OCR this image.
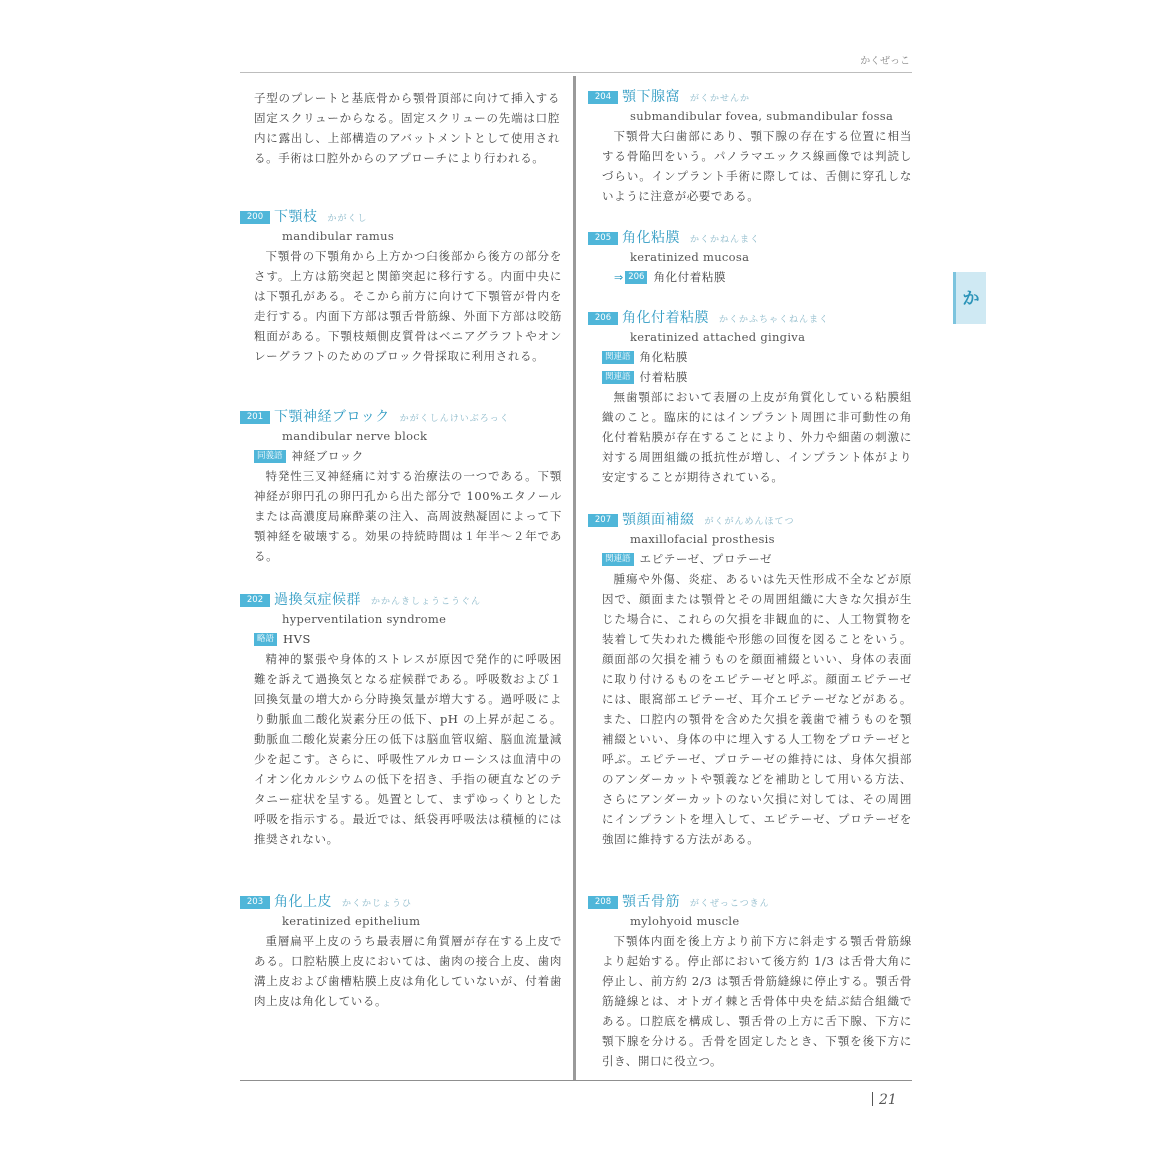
かくぜっこ
か
21

子型のプレートと基底骨から顎骨頂部に向けて挿入する固定スクリューからなる。固定スクリューの先端は口腔内に露出し、上部構造のアバットメントとして使用される。手術は口腔外からのアプローチにより行われる。

200 下顎枝 かがくし
mandibular ramus

下顎骨の下顎角から上方かつ臼後部から後方の部分をさす。上方は筋突起と関節突起に移行する。内面中央には下顎孔がある。そこから前方に向けて下顎管が骨内を走行する。内面下方部は顎舌骨筋線、外面下方部は咬筋粗面がある。下顎枝頬側皮質骨はベニアグラフトやオンレーグラフトのためのブロック骨採取に利用される。

201 下顎神経ブロック かがくしんけいぶろっく
mandibular nerve block
同義語 神経ブロック

特発性三叉神経痛に対する治療法の一つである。下顎神経が卵円孔の卵円孔から出た部分で 100%エタノールまたは高濃度局麻酔薬の注入、高周波熱凝固によって下顎神経を破壊する。効果の持続時間は１年半～２年である。

202 過換気症候群 かかんきしょうこうぐん
hyperventilation syndrome
略語 HVS

精神的緊張や身体的ストレスが原因で発作的に呼吸困難を訴えて過換気となる症候群である。呼吸数および１回換気量の増大から分時換気量が増大する。過呼吸により動脈血二酸化炭素分圧の低下、pH の上昇が起こる。動脈血二酸化炭素分圧の低下は脳血管収縮、脳血流量減少を起こす。さらに、呼吸性アルカローシスは血清中のイオン化カルシウムの低下を招き、手指の硬直などのテタニー症状を呈する。処置として、まずゆっくりとした呼吸を指示する。最近では、紙袋再呼吸法は積極的には推奨されない。

203 角化上皮 かくかじょうひ
keratinized epithelium

重層扁平上皮のうち最表層に角質層が存在する上皮である。口腔粘膜上皮においては、歯肉の接合上皮、歯肉溝上皮および歯槽粘膜上皮は角化していないが、付着歯肉上皮は角化している。

204 顎下腺窩 がくかせんか
submandibular fovea, submandibular fossa

下顎骨大臼歯部にあり、顎下腺の存在する位置に相当する骨陥凹をいう。パノラマエックス線画像では判読しづらい。インプラント手術に際しては、舌側に穿孔しないように注意が必要である。

205 角化粘膜 かくかねんまく
keratinized mucosa
⇒ 206 角化付着粘膜
206 角化付着粘膜 かくかふちゃくねんまく
keratinized attached gingiva
関連語 角化粘膜
関連語 付着粘膜

無歯顎部において表層の上皮が角質化している粘膜組織のこと。臨床的にはインプラント周囲に非可動性の角化付着粘膜が存在することにより、外力や細菌の刺激に対する周囲組織の抵抗性が増し、インプラント体がより安定することが期待されている。

207 顎顔面補綴 がくがんめんほてつ
maxillofacial prosthesis
関連語 エピテーゼ、プロテーゼ

腫瘍や外傷、炎症、あるいは先天性形成不全などが原因で、顔面または顎骨とその周囲組織に大きな欠損が生じた場合に、これらの欠損を非観血的に、人工物質物を装着して失われた機能や形態の回復を図ることをいう。顔面部の欠損を補うものを顔面補綴といい、身体の表面に取り付けるものをエピテーゼと呼ぶ。顔面エピテーゼには、眼窩部エピテーゼ、耳介エピテーゼなどがある。また、口腔内の顎骨を含めた欠損を義歯で補うものを顎補綴といい、身体の中に埋入する人工物をプロテーゼと呼ぶ。エピテーゼ、プロテーゼの維持には、身体欠損部のアンダーカットや顎義などを補助として用いる方法、さらにアンダーカットのない欠損に対しては、その周囲にインプラントを埋入して、エピテーゼ、プロテーゼを強固に維持する方法がある。

208 顎舌骨筋 がくぜっこつきん
mylohyoid muscle

下顎体内面を後上方より前下方に斜走する顎舌骨筋線より起始する。停止部において後方約 1/3 は舌骨大角に停止し、前方約 2/3 は顎舌骨筋縫線に停止する。顎舌骨筋縫線とは、オトガイ棘と舌骨体中央を結ぶ結合組織である。口腔底を構成し、顎舌骨の上方に舌下腺、下方に顎下腺を分ける。舌骨を固定したとき、下顎を後下方に引き、開口に役立つ。
